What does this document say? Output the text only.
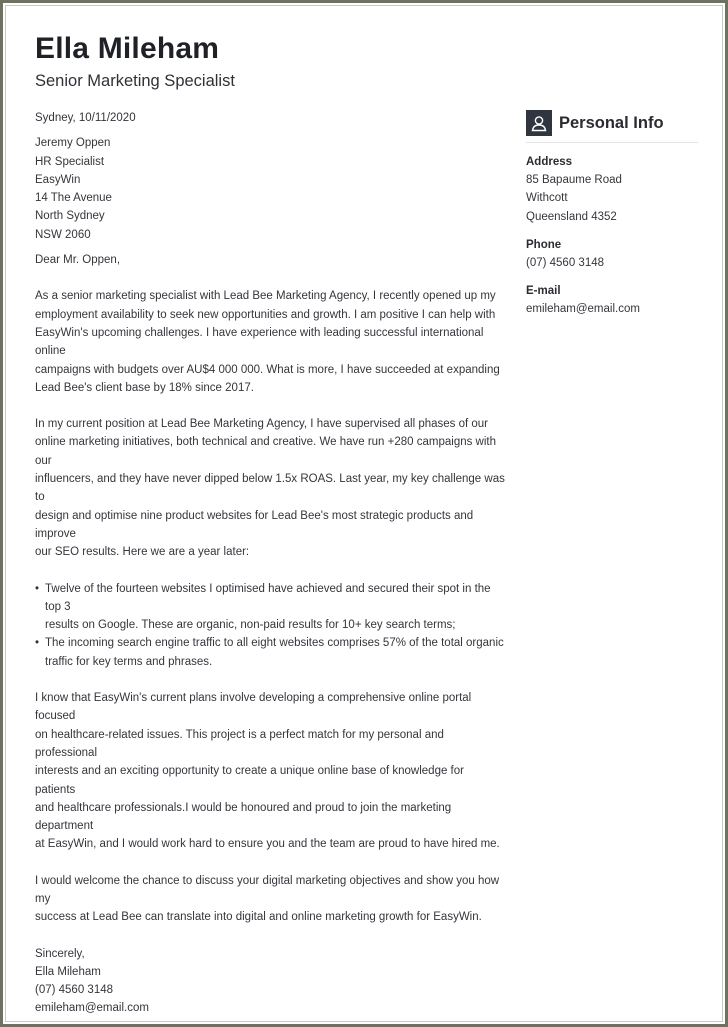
Ella Mileham
Senior Marketing Specialist

Sydney, 10/11/2020

Jeremy Oppen

HR Specialist

EasyWin

14 The Avenue

North Sydney

NSW 2060

Dear Mr. Oppen,

As a senior marketing specialist with Lead Bee Marketing Agency, I recently opened up my

employment availability to seek new opportunities and growth. I am positive I can help with

EasyWin's upcoming challenges. I have experience with leading successful international online

campaigns with budgets over AU$4 000 000. What is more, I have succeeded at expanding

Lead Bee's client base by 18% since 2017.

In my current position at Lead Bee Marketing Agency, I have supervised all phases of our

online marketing initiatives, both technical and creative. We have run +280 campaigns with our

influencers, and they have never dipped below 1.5x ROAS. Last year, my key challenge was to

design and optimise nine product websites for Lead Bee's most strategic products and improve

our SEO results. Here we are a year later:

• Twelve of the fourteen websites I optimised have achieved and secured their spot in the top 3

results on Google. These are organic, non-paid results for 10+ key search terms;

• The incoming search engine traffic to all eight websites comprises 57% of the total organic

traffic for key terms and phrases.

I know that EasyWin's current plans involve developing a comprehensive online portal focused

on healthcare-related issues. This project is a perfect match for my personal and professional

interests and an exciting opportunity to create a unique online base of knowledge for patients

and healthcare professionals.I would be honoured and proud to join the marketing department

at EasyWin, and I would work hard to ensure you and the team are proud to have hired me.

I would welcome the chance to discuss your digital marketing objectives and show you how my

success at Lead Bee can translate into digital and online marketing growth for EasyWin.

Sincerely,

Ella Mileham

(07) 4560 3148

emileham@email.com

Personal Info
Address
85 Bapaume Road
Withcott
Queensland 4352
Phone
(07) 4560 3148
E-mail
emileham@email.com
